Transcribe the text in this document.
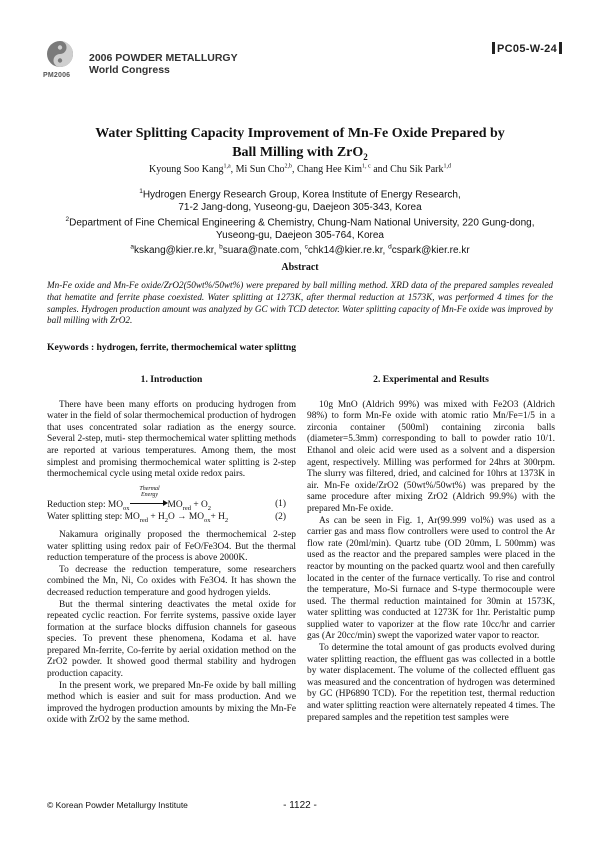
PM2006
2006 POWDER METALLURGY
World Congress
PC05-W-24
Water Splitting Capacity Improvement of Mn-Fe Oxide Prepared by
Ball Milling with ZrO$_2$
Kyoung Soo Kang$^{1,a}$, Mi Sun Cho$^{2,b}$, Chang Hee Kim$^{1, c}$ and Chu Sik Park$^{1,d}$
$^1$Hydrogen Energy Research Group, Korea Institute of Energy Research,
71-2 Jang-dong, Yuseong-gu, Daejeon 305-343, Korea
$^2$Department of Fine Chemical Engineering & Chemistry, Chung-Nam National University, 220 Gung-dong,
Yuseong-gu, Daejeon 305-764, Korea
$^a$kskang@kier.re.kr, $^b$suara@nate.com, $^c$chk14@kier.re.kr, $^d$cspark@kier.re.kr
Abstract
Mn-Fe oxide and Mn-Fe oxide/ZrO2(50wt%/50wt%) were prepared by ball milling method. XRD data of the prepared samples revealed that hematite and ferrite phase coexisted. Water splitting at 1273K, after thermal reduction at 1573K, was performed 4 times for the samples. Hydrogen production amount was analyzed by GC with TCD detector. Water splitting capacity of Mn-Fe oxide was improved by ball milling with ZrO2.
Keywords : hydrogen, ferrite, thermochemical water splittng
1. Introduction

There have been many efforts on producing hydrogen from water in the field of solar thermochemical production of hydrogen that uses concentrated solar radiation as the energy source. Several 2-step, muti- step thermochemical water splitting methods are reported at various temperatures. Among them, the most simplest and promising thermochemical water splitting is 2-step thermochemical cycle using metal oxide redox pairs.

Reduction step: $MO_{ox}$
Thermal
Energy
$MO_{red} + O_2$	(1)
Water splitting step: $MO_{red} + H_2O \to MO_{ox}+ H_2$	(2)

Nakamura originally proposed the thermochemical 2-step water splitting using redox pair of FeO/Fe3O4. But the thermal reduction temperature of the process is above 2000K.

To decrease the reduction temperature, some researchers combined the Mn, Ni, Co oxides with Fe3O4. It has shown the decreased reduction temperature and good hydrogen yields.

But the thermal sintering deactivates the metal oxide for repeated cyclic reaction. For ferrite systems, passive oxide layer formation at the surface blocks diffusion channels for gaseous species. To prevent these phenomena, Kodama et al. have prepared Mn-ferrite, Co-ferrite by aerial oxidation method on the ZrO2 powder. It showed good thermal stability and hydrogen production capacity.

In the present work, we prepared Mn-Fe oxide by ball milling method which is easier and suit for mass production. And we improved the hydrogen production amounts by mixing the Mn-Fe oxide with ZrO2 by the same method.

2. Experimental and Results

10g MnO (Aldrich 99%) was mixed with Fe2O3 (Aldrich 98%) to form Mn-Fe oxide with atomic ratio Mn/Fe=1/5 in a zirconia container (500ml) containing zirconia balls (diameter=5.3mm) corresponding to ball to powder ratio 10/1. Ethanol and oleic acid were used as a solvent and a dispersion agent, respectively. Milling was performed for 24hrs at 300rpm. The slurry was filtered, dried, and calcined for 10hrs at 1373K in air. Mn-Fe oxide/ZrO2 (50wt%/50wt%) was prepared by the same procedure after mixing ZrO2 (Aldrich 99.9%) with the prepared Mn-Fe oxide.

As can be seen in Fig. 1, Ar(99.999 vol%) was used as a carrier gas and mass flow controllers were used to control the Ar flow rate (20ml/min). Quartz tube (OD 20mm, L 500mm) was used as the reactor and the prepared samples were placed in the reactor by mounting on the packed quartz wool and then carefully located in the center of the furnace vertically. To rise and control the temperature, Mo-Si furnace and S-type thermocouple were used. The thermal reduction maintained for 30min at 1573K, water splitting was conducted at 1273K for 1hr. Peristaltic pump supplied water to vaporizer at the flow rate 10cc/hr and carrier gas (Ar 20cc/min) swept the vaporized water vapor to reactor.

To determine the total amount of gas products evolved during water splitting reaction, the effluent gas was collected in a bottle by water displacement. The volume of the collected effluent gas was measured and the concentration of hydrogen was determined by GC (HP6890 TCD). For the repetition test, thermal reduction and water splitting reaction were alternately repeated 4 times. The prepared samples and the repetition test samples were

© Korean Powder Metallurgy Institute	- 1122 -
